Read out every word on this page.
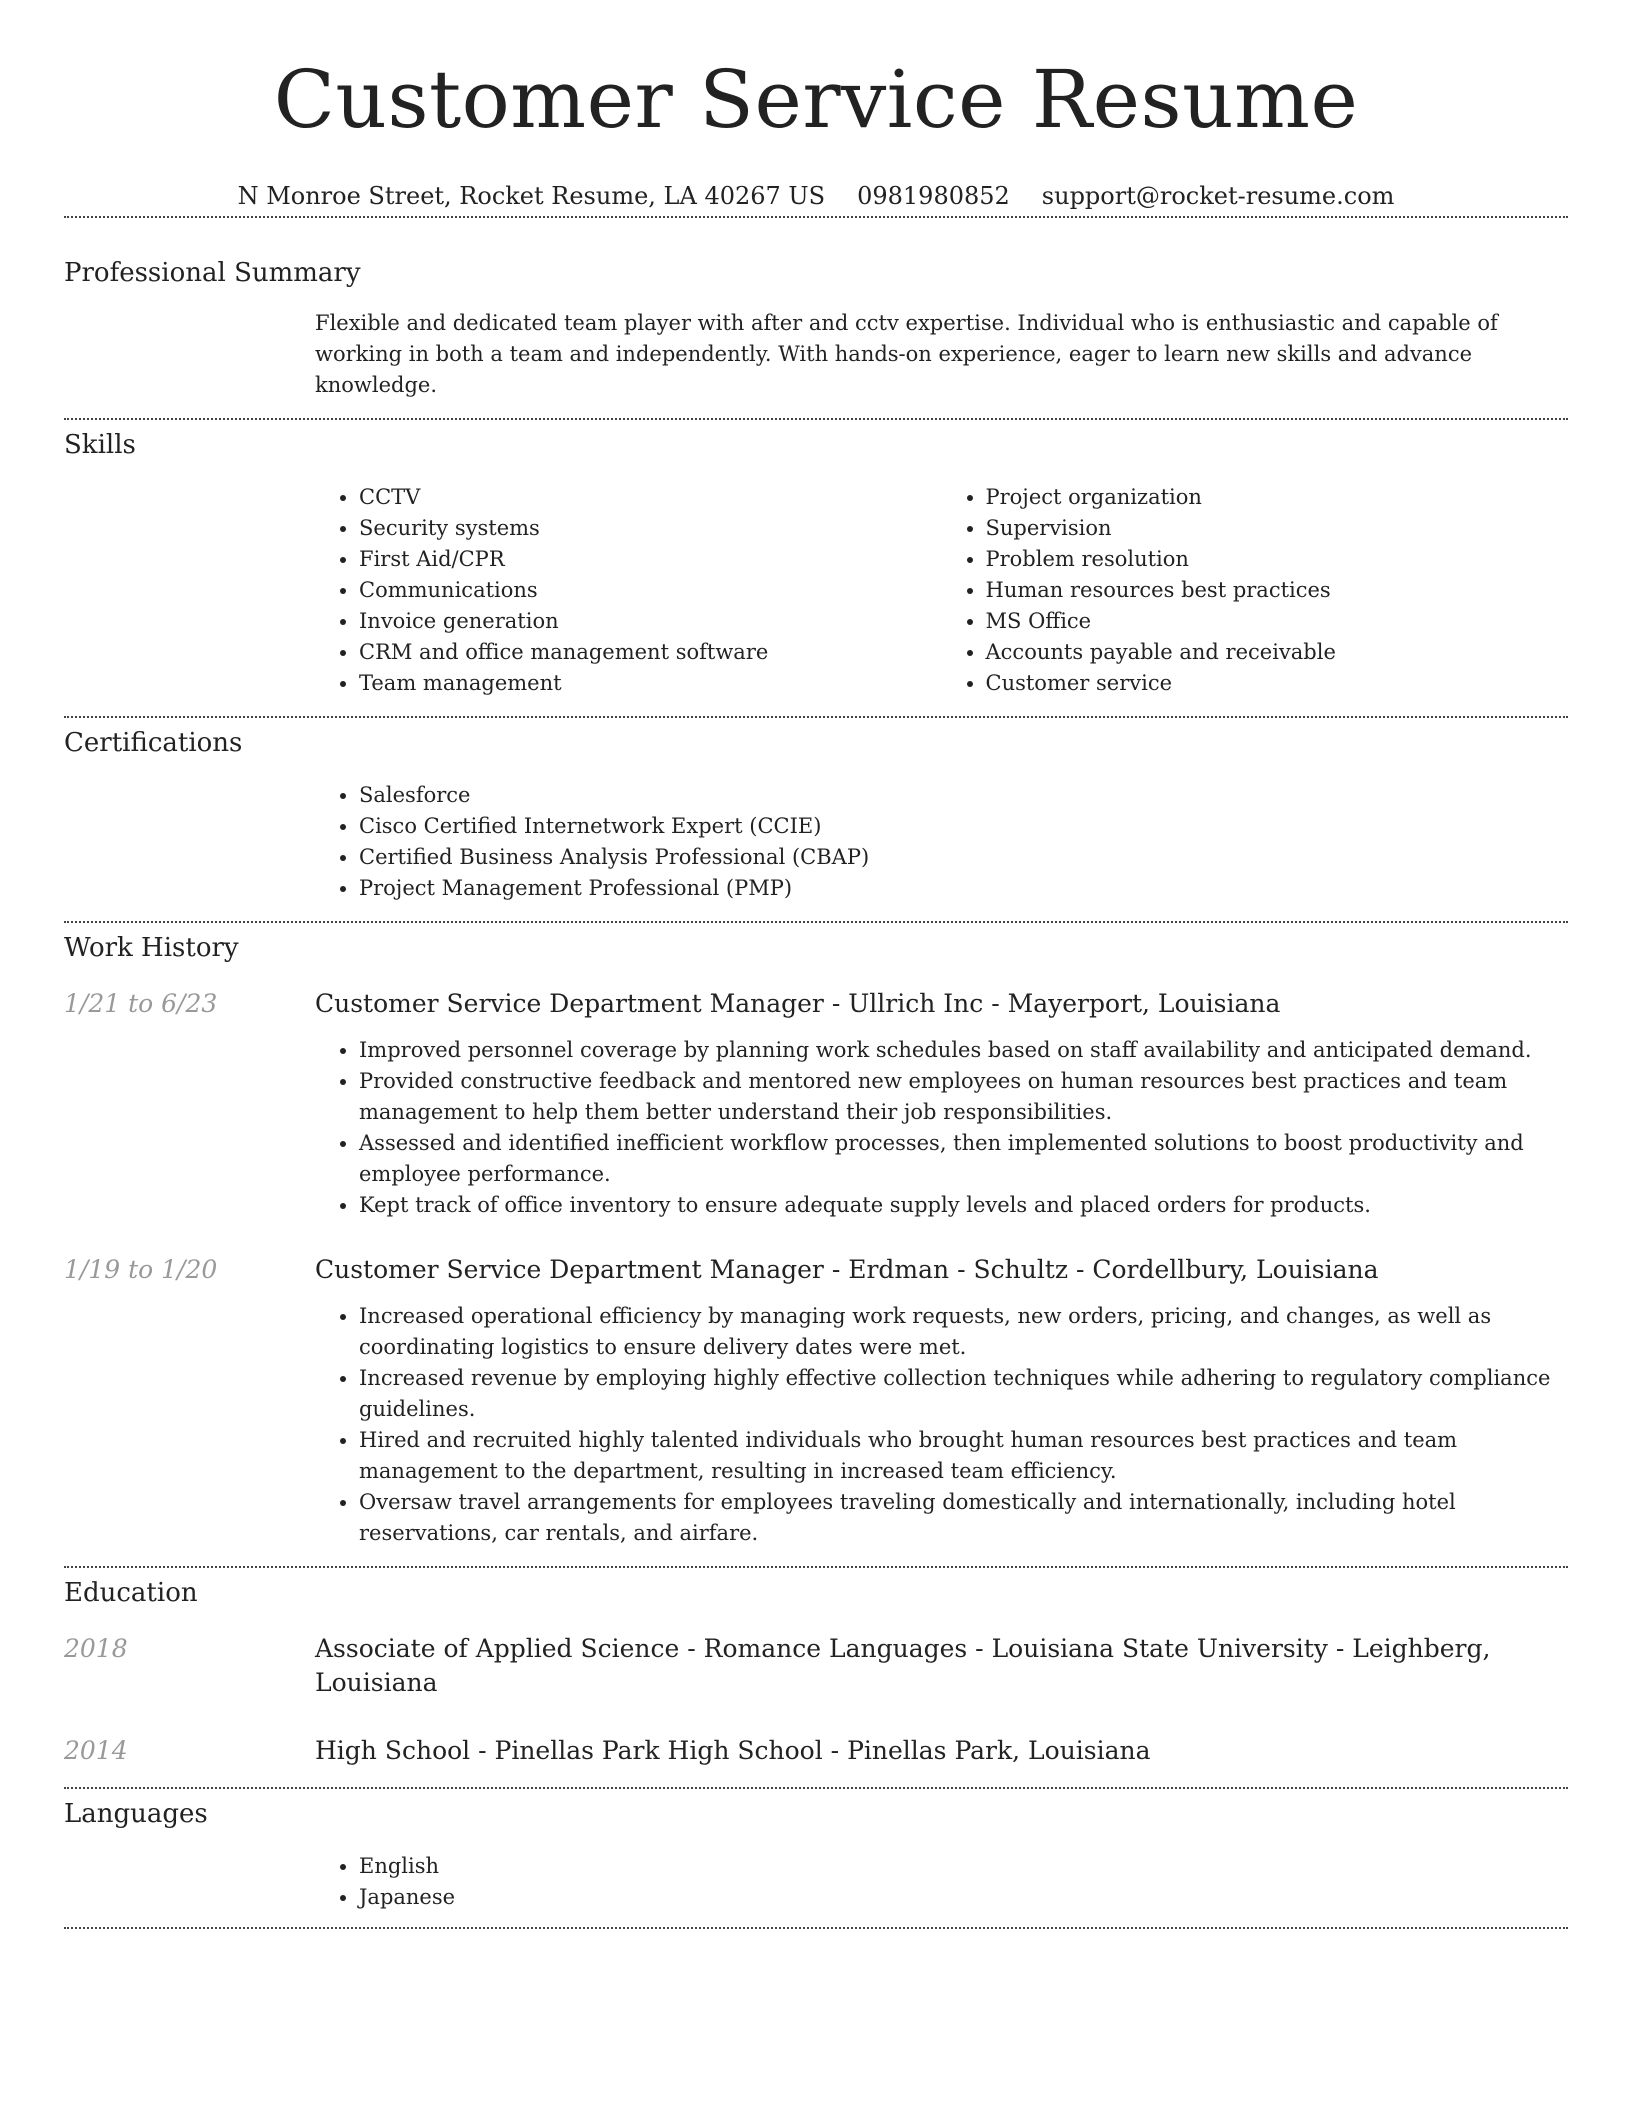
Customer Service Resume
N Monroe Street, Rocket Resume, LA 40267 US 0981980852 support@rocket-resume.com
Professional Summary

Flexible and dedicated team player with after and cctv expertise. Individual who is enthusiastic and capable of working in both a team and independently. With hands-on experience, eager to learn new skills and advance knowledge.

Skills
• CCTV
• Security systems
• First Aid/CPR
• Communications
• Invoice generation
• CRM and office management software
• Team management
• Project organization
• Supervision
• Problem resolution
• Human resources best practices
• MS Office
• Accounts payable and receivable
• Customer service
Certifications
• Salesforce
• Cisco Certified Internetwork Expert (CCIE)
• Certified Business Analysis Professional (CBAP)
• Project Management Professional (PMP)
Work History
1/21 to 6/23	Customer Service Department Manager - Ullrich Inc - Mayerport, Louisiana
• Improved personnel coverage by planning work schedules based on staff availability and anticipated demand.
• Provided constructive feedback and mentored new employees on human resources best practices and team management to help them better understand their job responsibilities.
• Assessed and identified inefficient workflow processes, then implemented solutions to boost productivity and employee performance.
• Kept track of office inventory to ensure adequate supply levels and placed orders for products.
1/19 to 1/20	Customer Service Department Manager - Erdman - Schultz - Cordellbury, Louisiana
• Increased operational efficiency by managing work requests, new orders, pricing, and changes, as well as coordinating logistics to ensure delivery dates were met.
• Increased revenue by employing highly effective collection techniques while adhering to regulatory compliance guidelines.
• Hired and recruited highly talented individuals who brought human resources best practices and team management to the department, resulting in increased team efficiency.
• Oversaw travel arrangements for employees traveling domestically and internationally, including hotel reservations, car rentals, and airfare.
Education
2018	Associate of Applied Science - Romance Languages - Louisiana State University - Leighberg, Louisiana
2014	High School - Pinellas Park High School - Pinellas Park, Louisiana
Languages
• English
• Japanese
